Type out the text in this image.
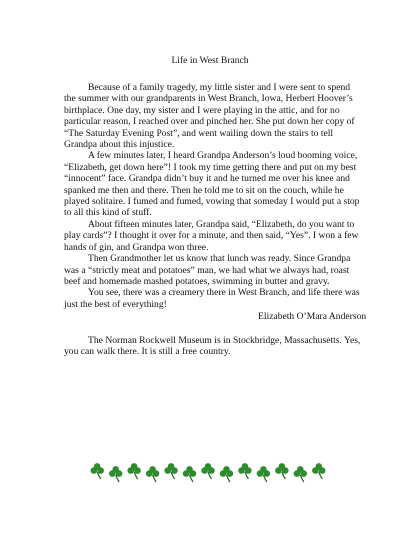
Life in West Branch

Because of a family tragedy, my little sister and I were sent to spend the summer with our grandparents in West Branch, Iowa, Herbert Hoover’s birthplace. One day, my sister and I were playing in the attic, and for no particular reason, I reached over and pinched her. She put down her copy of “The Saturday Evening Post”, and went wailing down the stairs to tell Grandpa about this injustice.

A few minutes later, I heard Grandpa Anderson’s loud booming voice, “Elizabeth, get down here”! I took my time getting there and put on my best “innocent” face. Grandpa didn’t buy it and he turned me over his knee and spanked me then and there. Then he told me to sit on the couch, while he played solitaire. I fumed and fumed, vowing that someday I would put a stop to all this kind of stuff.

About fifteen minutes later, Grandpa said, “Elizabeth, do you want to play cards”? I thought it over for a minute, and then said, “Yes”. I won a few hands of gin, and Grandpa won three.

Then Grandmother let us know that lunch was ready. Since Grandpa was a “strictly meat and potatoes” man, we had what we always had, roast beef and homemade mashed potatoes, swimming in butter and gravy.

You see, there was a creamery there in West Branch, and life there was just the best of everything!

Elizabeth O’Mara Anderson

The Norman Rockwell Museum is in Stockbridge, Massachusetts. Yes, you can walk there. It is still a free country.
